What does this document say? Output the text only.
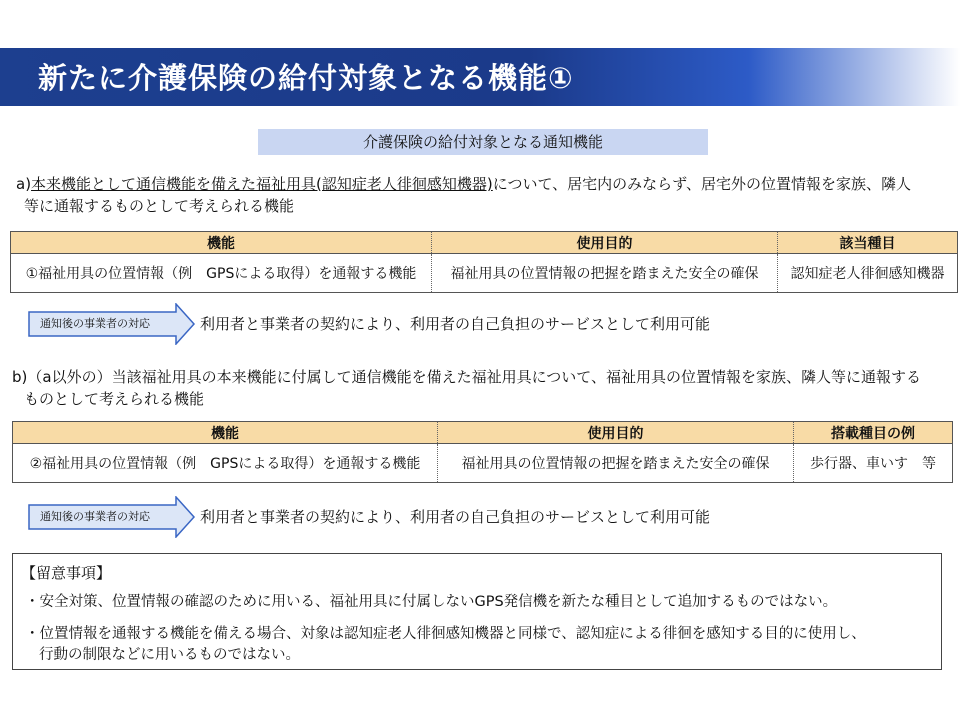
新たに介護保険の給付対象となる機能①
介護保険の給付対象となる通知機能
a)本来機能として通信機能を備えた福祉用具(認知症老人徘徊感知機器)について、居宅内のみならず、居宅外の位置情報を家族、隣人
等に通報するものとして考えられる機能
機能	使用目的	該当種目
①福祉用具の位置情報（例　GPSによる取得）を通報する機能	福祉用具の位置情報の把握を踏まえた安全の確保	認知症老人徘徊感知機器
通知後の事業者の対応	利用者と事業者の契約により、利用者の自己負担のサービスとして利用可能
b)（a以外の）当該福祉用具の本来機能に付属して通信機能を備えた福祉用具について、福祉用具の位置情報を家族、隣人等に通報する
ものとして考えられる機能
機能	使用目的	搭載種目の例
②福祉用具の位置情報（例　GPSによる取得）を通報する機能	福祉用具の位置情報の把握を踏まえた安全の確保	歩行器、車いす　等
通知後の事業者の対応	利用者と事業者の契約により、利用者の自己負担のサービスとして利用可能
【留意事項】
・安全対策、位置情報の確認のために用いる、福祉用具に付属しないGPS発信機を新たな種目として追加するものではない。
・位置情報を通報する機能を備える場合、対象は認知症老人徘徊感知機器と同様で、認知症による徘徊を感知する目的に使用し、
行動の制限などに用いるものではない。
